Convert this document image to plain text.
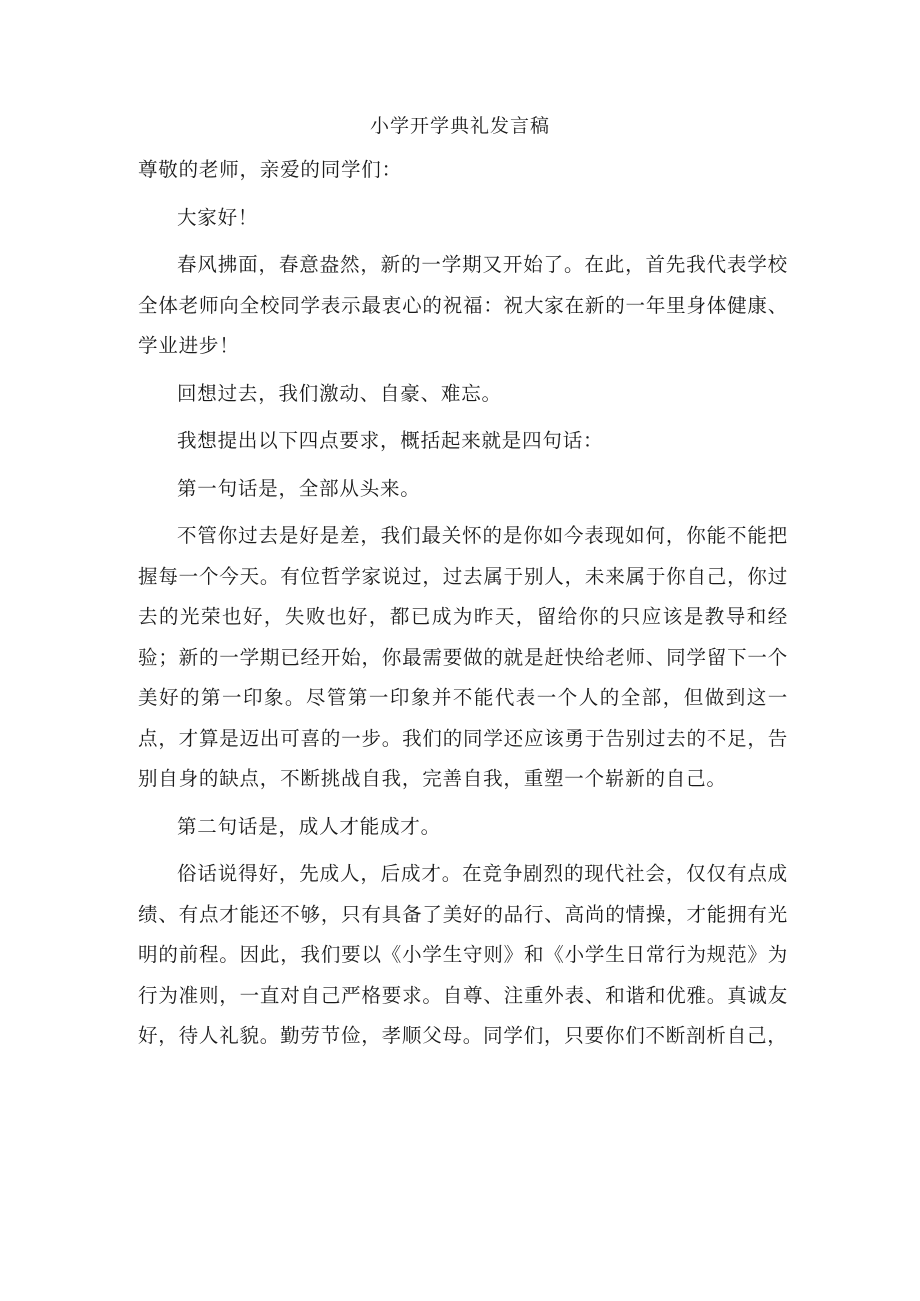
小学开学典礼发言稿

尊敬的老师，亲爱的同学们：

大家好！

春风拂面，春意盎然，新的一学期又开始了。在此，首先我代表学校全体老师向全校同学表示最衷心的祝福：祝大家在新的一年里身体健康、学业进步！

回想过去，我们激动、自豪、难忘。

我想提出以下四点要求，概括起来就是四句话：

第一句话是，全部从头来。

不管你过去是好是差，我们最关怀的是你如今表现如何，你能不能把握每一个今天。有位哲学家说过，过去属于别人，未来属于你自己，你过去的光荣也好，失败也好，都已成为昨天，留给你的只应该是教导和经验；新的一学期已经开始，你最需要做的就是赶快给老师、同学留下一个美好的第一印象。尽管第一印象并不能代表一个人的全部，但做到这一点，才算是迈出可喜的一步。我们的同学还应该勇于告别过去的不足，告别自身的缺点，不断挑战自我，完善自我，重塑一个崭新的自己。

第二句话是，成人才能成才。

俗话说得好，先成人，后成才。在竞争剧烈的现代社会，仅仅有点成绩、有点才能还不够，只有具备了美好的品行、高尚的情操，才能拥有光明的前程。因此，我们要以《小学生守则》和《小学生日常行为规范》为行为准则，一直对自己严格要求。自尊、注重外表、和谐和优雅。真诚友好，待人礼貌。勤劳节俭，孝顺父母。同学们，只要你们不断剖析自己，
